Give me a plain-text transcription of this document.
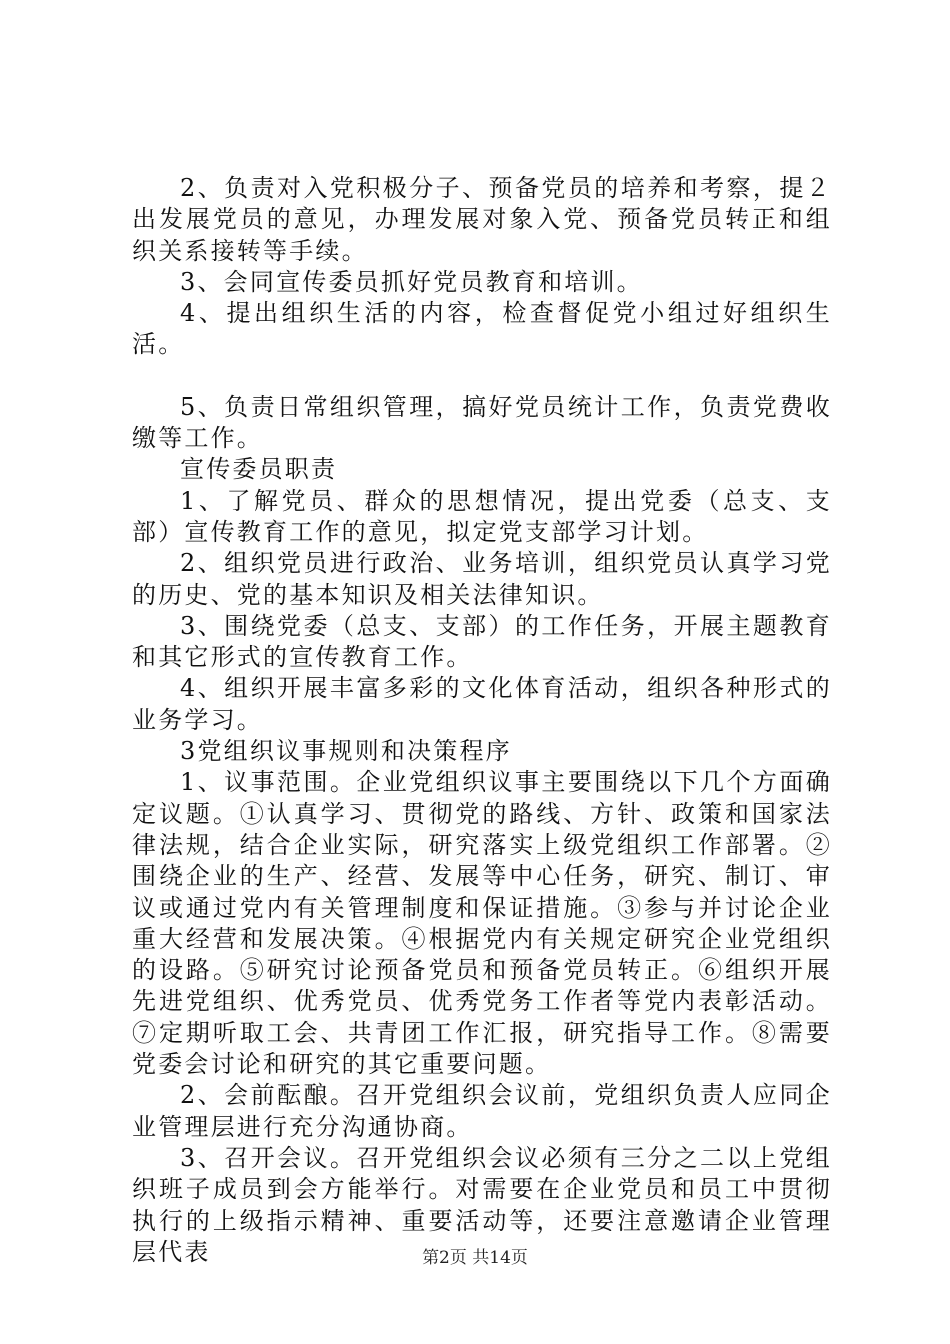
2、负责对入党积极分子、预备党员的培养和考察，提２出发展党员的意见，办理发展对象入党、预备党员转正和组织关系接转等手续。

3、会同宣传委员抓好党员教育和培训。

4、提出组织生活的内容，检查督促党小组过好组织生活。

5、负责日常组织管理，搞好党员统计工作，负责党费收缴等工作。

宣传委员职责

1、了解党员、群众的思想情况，提出党委（总支、支部）宣传教育工作的意见，拟定党支部学习计划。

2、组织党员进行政治、业务培训，组织党员认真学习党的历史、党的基本知识及相关法律知识。

3、围绕党委（总支、支部）的工作任务，开展主题教育和其它形式的宣传教育工作。

4、组织开展丰富多彩的文化体育活动，组织各种形式的业务学习。

3党组织议事规则和决策程序

1、议事范围。企业党组织议事主要围绕以下几个方面确定议题。①认真学习、贯彻党的路线、方针、政策和国家法律法规，结合企业实际，研究落实上级党组织工作部署。②围绕企业的生产、经营、发展等中心任务，研究、制订、审议或通过党内有关管理制度和保证措施。③参与并讨论企业重大经营和发展决策。④根据党内有关规定研究企业党组织的设路。⑤研究讨论预备党员和预备党员转正。⑥组织开展先进党组织、优秀党员、优秀党务工作者等党内表彰活动。⑦定期听取工会、共青团工作汇报，研究指导工作。⑧需要党委会讨论和研究的其它重要问题。

2、会前酝酿。召开党组织会议前，党组织负责人应同企业管理层进行充分沟通协商。

3、召开会议。召开党组织会议必须有三分之二以上党组织班子成员到会方能举行。对需要在企业党员和员工中贯彻执行的上级指示精神、重要活动等，还要注意邀请企业管理层代表	第2页 共14页
